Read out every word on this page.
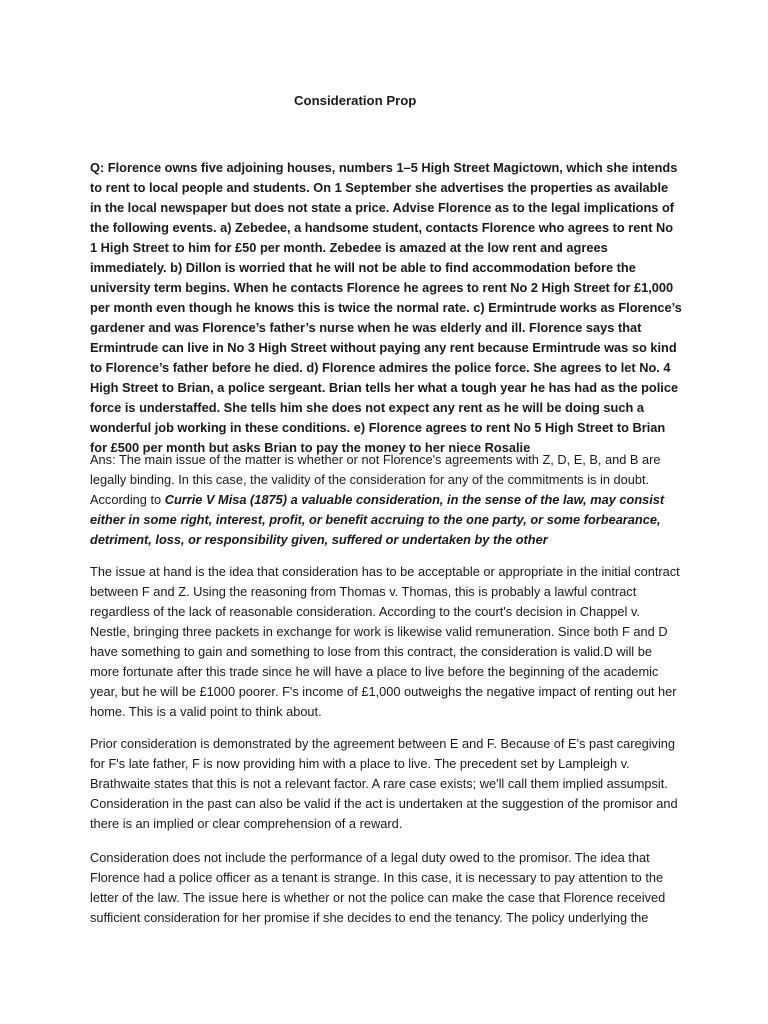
Consideration Prop

Q: Florence owns five adjoining houses, numbers 1–5 High Street Magictown, which she intends to rent to local people and students. On 1 September she advertises the properties as available in the local newspaper but does not state a price. Advise Florence as to the legal implications of the following events. a) Zebedee, a handsome student, contacts Florence who agrees to rent No 1 High Street to him for £50 per month. Zebedee is amazed at the low rent and agrees immediately. b) Dillon is worried that he will not be able to find accommodation before the university term begins. When he contacts Florence he agrees to rent No 2 High Street for £1,000 per month even though he knows this is twice the normal rate. c) Ermintrude works as Florence’s gardener and was Florence’s father’s nurse when he was elderly and ill. Florence says that Ermintrude can live in No 3 High Street without paying any rent because Ermintrude was so kind to Florence’s father before he died. d) Florence admires the police force. She agrees to let No. 4 High Street to Brian, a police sergeant. Brian tells her what a tough year he has had as the police force is understaffed. She tells him she does not expect any rent as he will be doing such a wonderful job working in these conditions. e) Florence agrees to rent No 5 High Street to Brian for £500 per month but asks Brian to pay the money to her niece Rosalie

Ans: The main issue of the matter is whether or not Florence's agreements with Z, D, E, B, and B are legally binding. In this case, the validity of the consideration for any of the commitments is in doubt. According to Currie V Misa (1875) a valuable consideration, in the sense of the law, may consist either in some right, interest, profit, or benefit accruing to the one party, or some forbearance, detriment, loss, or responsibility given, suffered or undertaken by the other

The issue at hand is the idea that consideration has to be acceptable or appropriate in the initial contract between F and Z. Using the reasoning from Thomas v. Thomas, this is probably a lawful contract regardless of the lack of reasonable consideration. According to the court's decision in Chappel v. Nestle, bringing three packets in exchange for work is likewise valid remuneration. Since both F and D have something to gain and something to lose from this contract, the consideration is valid.D will be more fortunate after this trade since he will have a place to live before the beginning of the academic year, but he will be £1000 poorer. F's income of £1,000 outweighs the negative impact of renting out her home. This is a valid point to think about.

Prior consideration is demonstrated by the agreement between E and F. Because of E's past caregiving for F's late father, F is now providing him with a place to live. The precedent set by Lampleigh v. Brathwaite states that this is not a relevant factor. A rare case exists; we'll call them implied assumpsit. Consideration in the past can also be valid if the act is undertaken at the suggestion of the promisor and there is an implied or clear comprehension of a reward.

Consideration does not include the performance of a legal duty owed to the promisor. The idea that Florence had a police officer as a tenant is strange. In this case, it is necessary to pay attention to the letter of the law. The issue here is whether or not the police can make the case that Florence received sufficient consideration for her promise if she decides to end the tenancy. The policy underlying the
